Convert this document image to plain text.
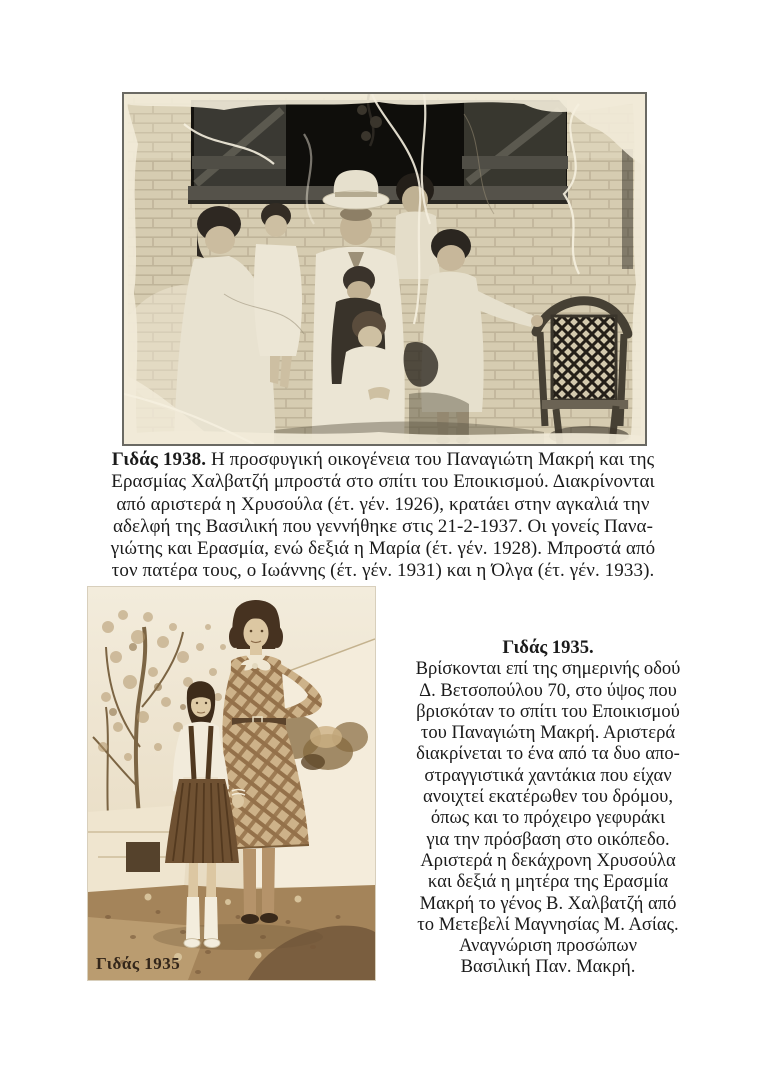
Γιδάς 1938. Η προσφυγική οικογένεια του Παναγιώτη Μακρή και της
Ερασμίας Χαλβατζή μπροστά στο σπίτι του Εποικισμού. Διακρίνονται
από αριστερά η Χρυσούλα (έτ. γέν. 1926), κρατάει στην αγκαλιά την
αδελφή της Βασιλική που γεννήθηκε στις 21-2-1937. Οι γονείς Πανα-
γιώτης και Ερασμία, ενώ δεξιά η Μαρία (έτ. γέν. 1928). Μπροστά από
τον πατέρα τους, ο Ιωάννης (έτ. γέν. 1931) και η Όλγα (έτ. γέν. 1933).
Γιδάς 1935
Γιδάς 1935.
Βρίσκονται επί της σημερινής οδού
Δ. Βετσοπούλου 70, στο ύψος που
βρισκόταν το σπίτι του Εποικισμού
του Παναγιώτη Μακρή. Αριστερά
διακρίνεται το ένα από τα δυο απο-
στραγγιστικά χαντάκια που είχαν
ανοιχτεί εκατέρωθεν του δρόμου,
όπως και το πρόχειρο γεφυράκι
για την πρόσβαση στο οικόπεδο.
Αριστερά η δεκάχρονη Χρυσούλα
και δεξιά η μητέρα της Ερασμία
Μακρή το γένος Β. Χαλβατζή από
το Μετεβελί Μαγνησίας Μ. Ασίας.
Αναγνώριση προσώπων
Βασιλική Παν. Μακρή.
